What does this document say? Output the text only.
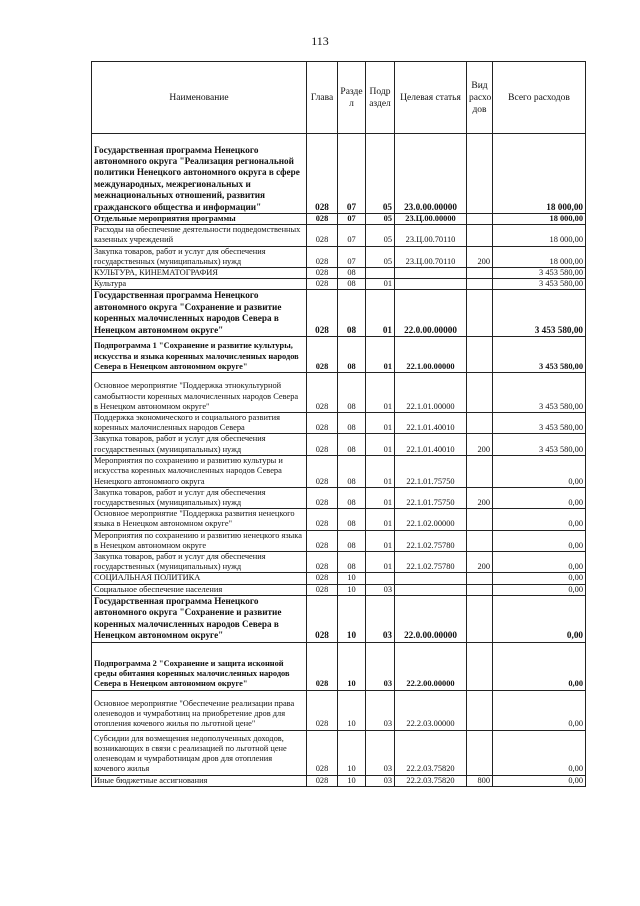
113
Наименование	Глава	Разде л	Подр аздел	Целевая статья	Вид расхо дов	Всего расходов
Государственная программа Ненецкого автономного округа "Реализация региональной политики Ненецкого автономного округа в сфере международных, межрегиональных и межнациональных отношений, развития гражданского общества и информации"	028	07	05	23.0.00.00000		18 000,00
Отдельные мероприятия программы	028	07	05	23.Ц.00.00000		18 000,00
Расходы на обеспечение деятельности подведомственных казенных учреждений	028	07	05	23.Ц.00.70110		18 000,00
Закупка товаров, работ и услуг для обеспечения государственных (муниципальных) нужд	028	07	05	23.Ц.00.70110	200	18 000,00
КУЛЬТУРА, КИНЕМАТОГРАФИЯ	028	08				3 453 580,00
Культура	028	08	01			3 453 580,00
Государственная программа Ненецкого автономного округа "Сохранение и развитие коренных малочисленных народов Севера в Ненецком автономном округе"	028	08	01	22.0.00.00000		3 453 580,00
Подпрограмма 1 "Сохранение и развитие культуры, искусства и языка коренных малочисленных народов Севера в Ненецком автономном округе"	028	08	01	22.1.00.00000		3 453 580,00
Основное мероприятие "Поддержка этнокультурной самобытности коренных малочисленных народов Севера в Ненецком автономном округе"	028	08	01	22.1.01.00000		3 453 580,00
Поддержка экономического и социального развития коренных малочисленных народов Севера	028	08	01	22.1.01.40010		3 453 580,00
Закупка товаров, работ и услуг для обеспечения государственных (муниципальных) нужд	028	08	01	22.1.01.40010	200	3 453 580,00
Мероприятия по сохранению и развитию культуры и искусства коренных малочисленных народов Севера Ненецкого автономного округа	028	08	01	22.1.01.75750		0,00
Закупка товаров, работ и услуг для обеспечения государственных (муниципальных) нужд	028	08	01	22.1.01.75750	200	0,00
Основное мероприятие "Поддержка развития ненецкого языка в Ненецком автономном округе"	028	08	01	22.1.02.00000		0,00
Мероприятия по сохранению и развитию ненецкого языка в Ненецком автономном округе	028	08	01	22.1.02.75780		0,00
Закупка товаров, работ и услуг для обеспечения государственных (муниципальных) нужд	028	08	01	22.1.02.75780	200	0,00
СОЦИАЛЬНАЯ ПОЛИТИКА	028	10				0,00
Социальное обеспечение населения	028	10	03			0,00
Государственная программа Ненецкого автономного округа "Сохранение и развитие коренных малочисленных народов Севера в Ненецком автономном округе"	028	10	03	22.0.00.00000		0,00
Подпрограмма 2 "Сохранение и защита исконной среды обитания коренных малочисленных народов Севера в Ненецком автономном округе"	028	10	03	22.2.00.00000		0,00
Основное мероприятие "Обеспечение реализации права оленеводов и чумработниц на приобретение дров для отопления кочевого жилья по льготной цене"	028	10	03	22.2.03.00000		0,00
Субсидии для возмещения недополученных доходов, возникающих в связи с реализацией по льготной цене оленеводам и чумработницам дров для отопления кочевого жилья	028	10	03	22.2.03.75820		0,00
Иные бюджетные ассигнования	028	10	03	22.2.03.75820	800	0,00
